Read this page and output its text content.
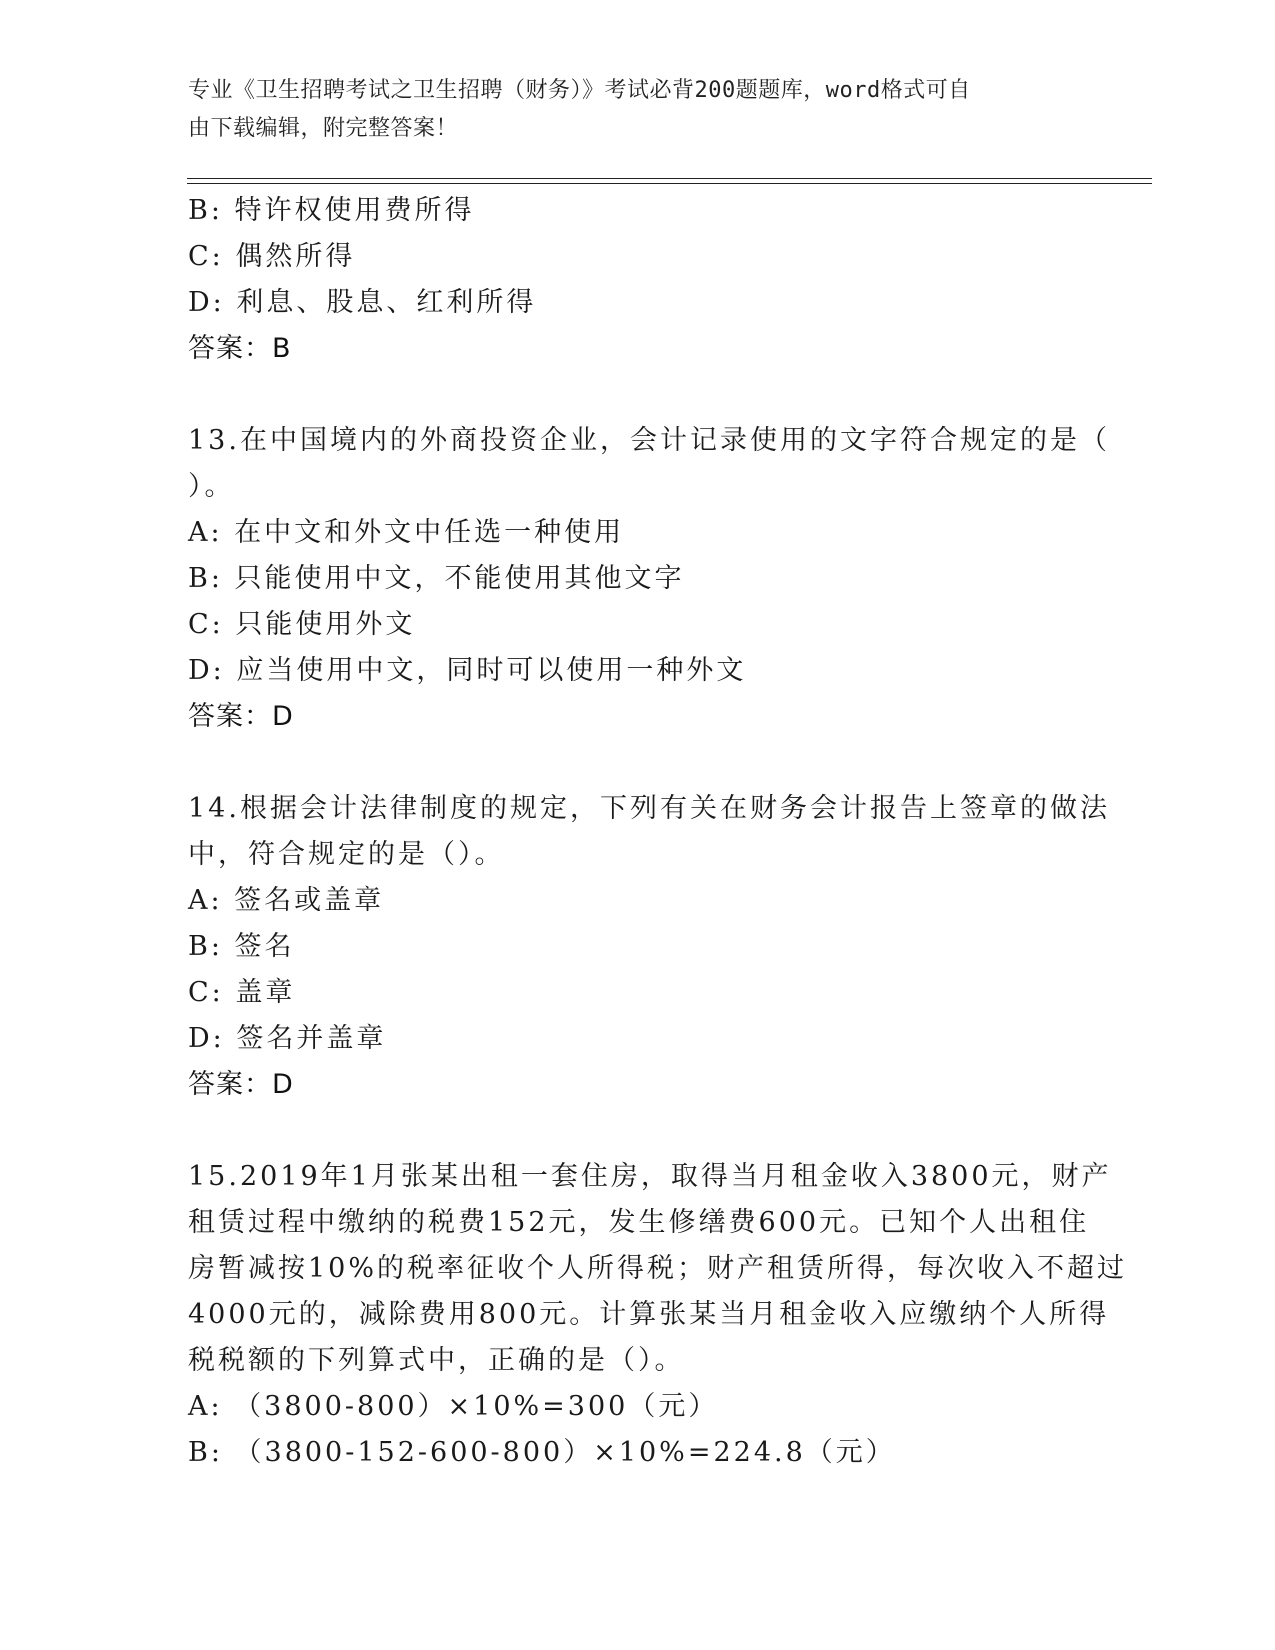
专业《卫生招聘考试之卫生招聘（财务）》考试必背200题题库，word格式可自
由下载编辑，附完整答案！
B: 特许权使用费所得
C: 偶然所得
D: 利息、股息、红利所得
答案：B
13.在中国境内的外商投资企业，会计记录使用的文字符合规定的是（
）。
A: 在中文和外文中任选一种使用
B: 只能使用中文，不能使用其他文字
C: 只能使用外文
D: 应当使用中文，同时可以使用一种外文
答案：D
14.根据会计法律制度的规定，下列有关在财务会计报告上签章的做法
中，符合规定的是（）。
A: 签名或盖章
B: 签名
C: 盖章
D: 签名并盖章
答案：D
15.2019年1月张某出租一套住房，取得当月租金收入3800元，财产
租赁过程中缴纳的税费152元，发生修缮费600元。已知个人出租住
房暂减按10%的税率征收个人所得税；财产租赁所得，每次收入不超过
4000元的，减除费用800元。计算张某当月租金收入应缴纳个人所得
税税额的下列算式中，正确的是（）。
A: （3800-800）×10%=300（元）
B: （3800-152-600-800）×10%=224.8（元）
